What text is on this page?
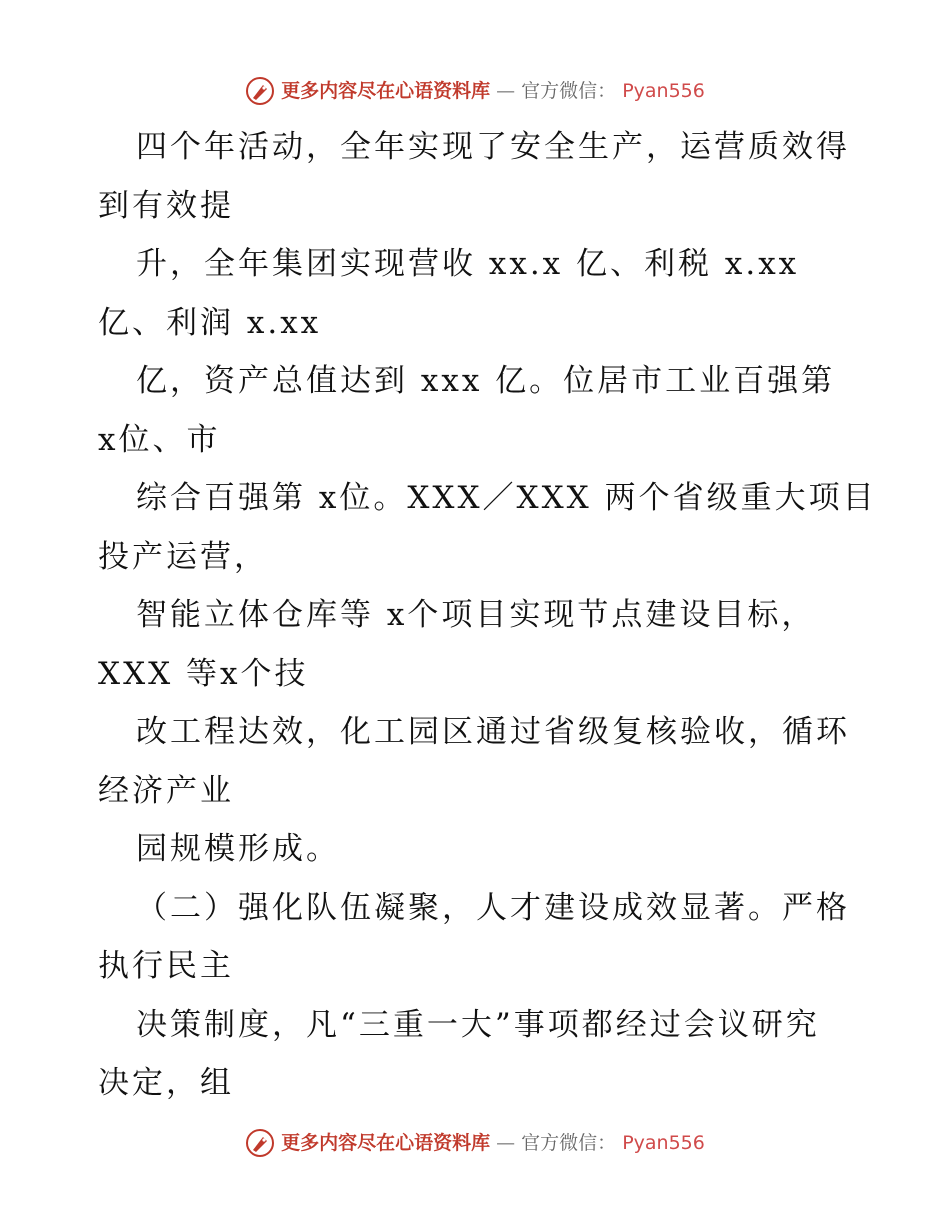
更多内容尽在心语资料库 — 官方微信： Pyan556
四个年活动，全年实现了安全生产，运营质效得
到有效提
升，全年集团实现营收 xx.x 亿、利税 x.xx
亿、利润 x.xx
亿，资产总值达到 xxx 亿。位居市工业百强第
x位、市
综合百强第 x位。XXX／XXX 两个省级重大项目
投产运营，
智能立体仓库等 x个项目实现节点建设目标，
XXX 等x个技
改工程达效，化工园区通过省级复核验收，循环
经济产业
园规模形成。
（二）强化队伍凝聚，人才建设成效显著。严格
执行民主
决策制度，凡“三重一大”事项都经过会议研究
决定，组
更多内容尽在心语资料库 — 官方微信： Pyan556
